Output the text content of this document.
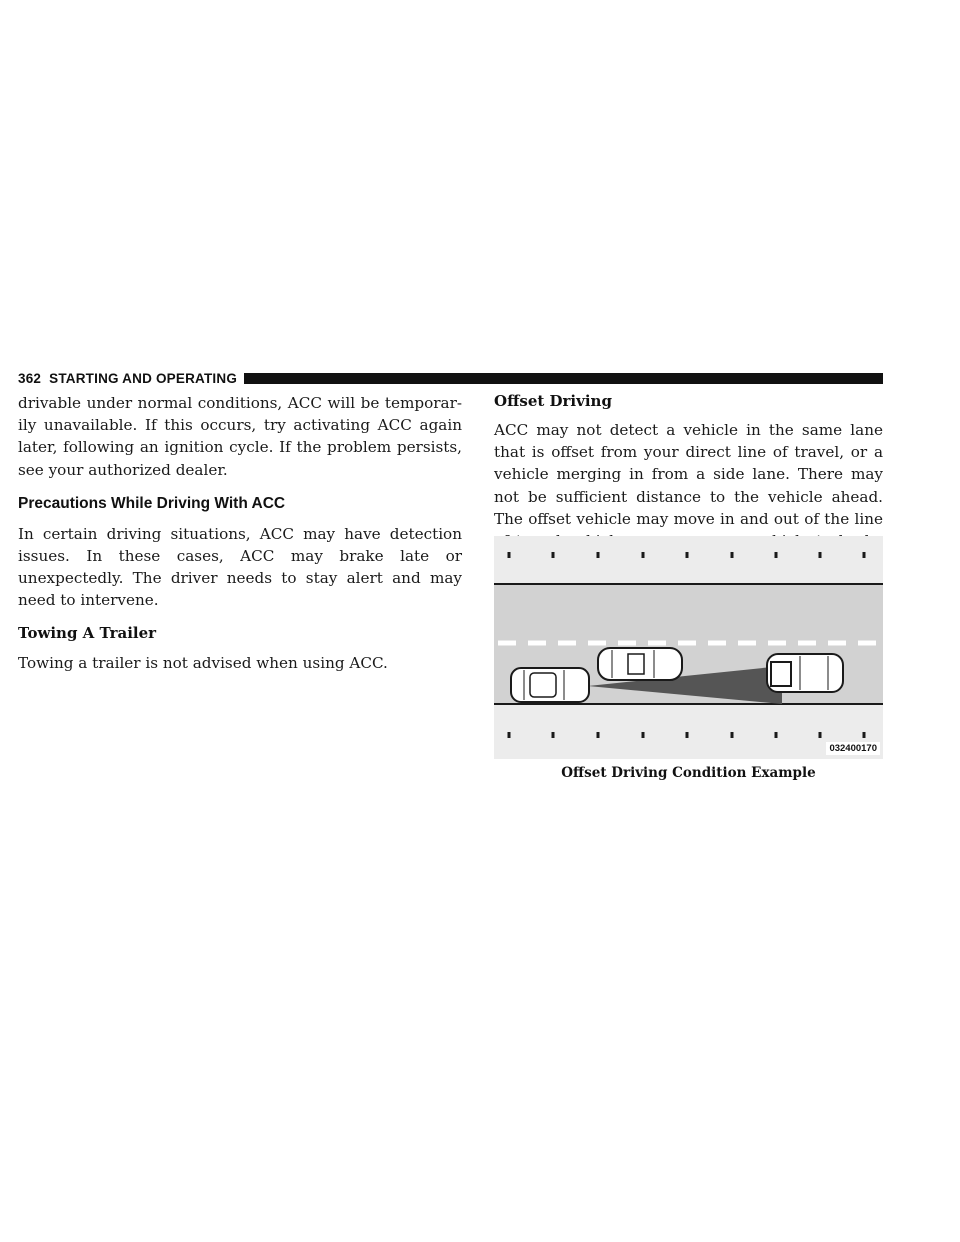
362 STARTING AND OPERATING

drivable under normal conditions, ACC will be temporar-ily unavailable. If this occurs, try activating ACC again later, following an ignition cycle. If the problem persists, see your authorized dealer.

Precautions While Driving With ACC

In certain driving situations, ACC may have detection issues. In these cases, ACC may brake late or unexpectedly. The driver needs to stay alert and may need to intervene.

Towing A Trailer

Towing a trailer is not advised when using ACC.

Offset Driving

ACC may not detect a vehicle in the same lane that is offset from your direct line of travel, or a vehicle merging in from a side lane. There may not be sufficient distance to the vehicle ahead. The offset vehicle may move in and out of the line

032400170
Offset Driving Condition Example
